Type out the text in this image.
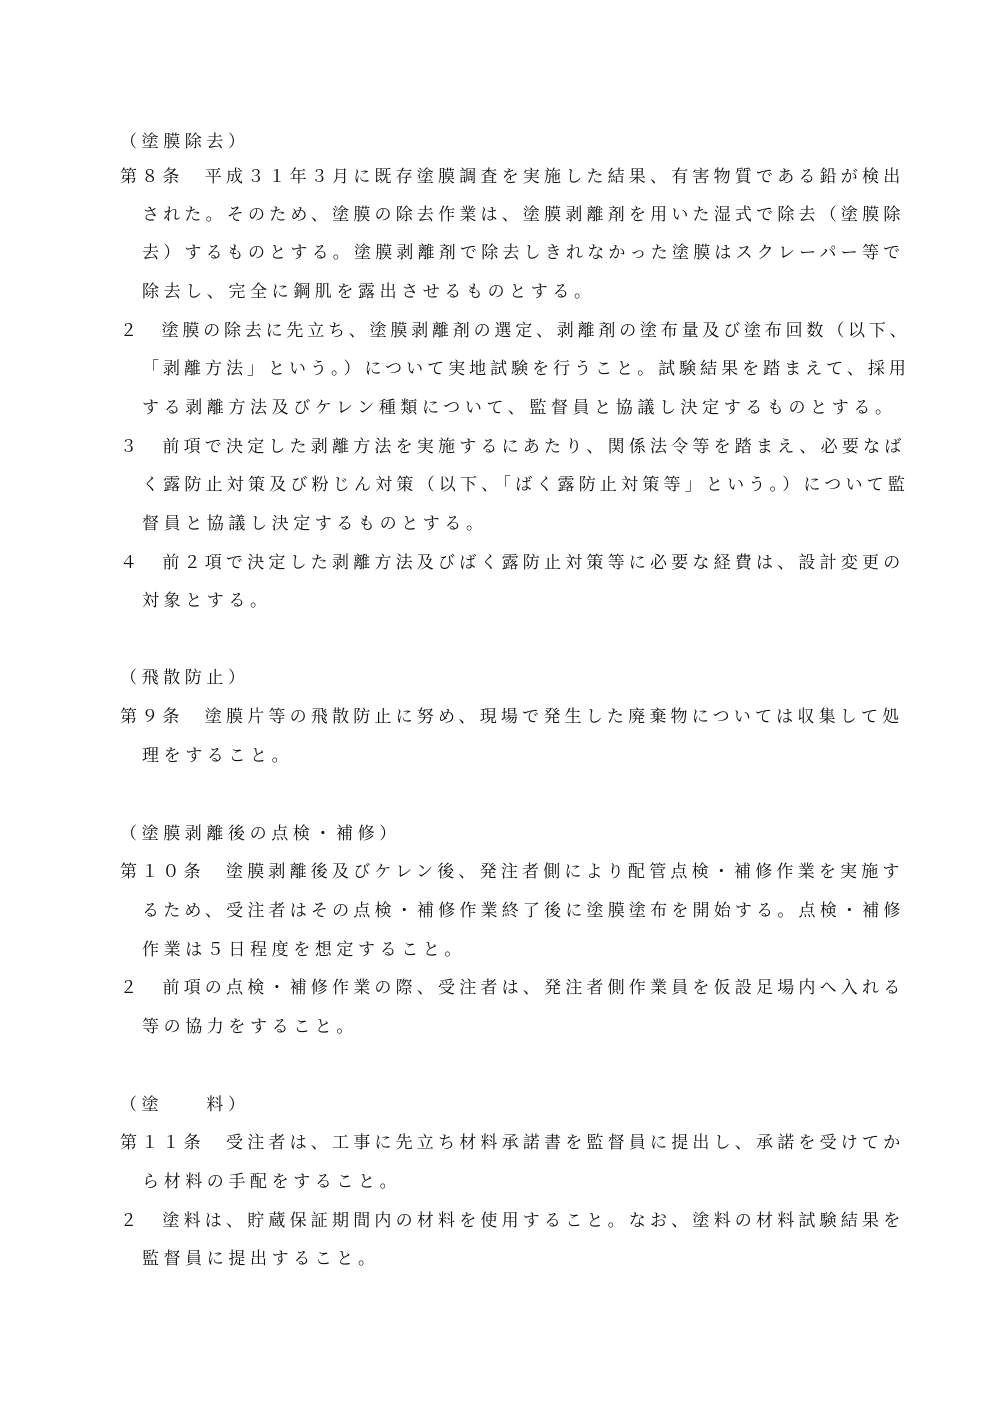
（塗膜除去）
第８条　平成３１年３月に既存塗膜調査を実施した結果、有害物質である鉛が検出
された。そのため、塗膜の除去作業は、塗膜剥離剤を用いた湿式で除去（塗膜除
去）するものとする。塗膜剥離剤で除去しきれなかった塗膜はスクレーパー等で
除去し、完全に鋼肌を露出させるものとする。
２　塗膜の除去に先立ち、塗膜剥離剤の選定、剥離剤の塗布量及び塗布回数（以下、
「剥離方法」という。）について実地試験を行うこと。試験結果を踏まえて、採用
する剥離方法及びケレン種類について、監督員と協議し決定するものとする。
３　前項で決定した剥離方法を実施するにあたり、関係法令等を踏まえ、必要なば
く露防止対策及び粉じん対策（以下、「ばく露防止対策等」という。）について監
督員と協議し決定するものとする。
４　前２項で決定した剥離方法及びばく露防止対策等に必要な経費は、設計変更の
対象とする。
（飛散防止）
第９条　塗膜片等の飛散防止に努め、現場で発生した廃棄物については収集して処
理をすること。
（塗膜剥離後の点検・補修）
第１０条　塗膜剥離後及びケレン後、発注者側により配管点検・補修作業を実施す
るため、受注者はその点検・補修作業終了後に塗膜塗布を開始する。点検・補修
作業は５日程度を想定すること。
２　前項の点検・補修作業の際、受注者は、発注者側作業員を仮設足場内へ入れる
等の協力をすること。
（塗　　料）
第１１条　受注者は、工事に先立ち材料承諾書を監督員に提出し、承諾を受けてか
ら材料の手配をすること。
２　塗料は、貯蔵保証期間内の材料を使用すること。なお、塗料の材料試験結果を
監督員に提出すること。
